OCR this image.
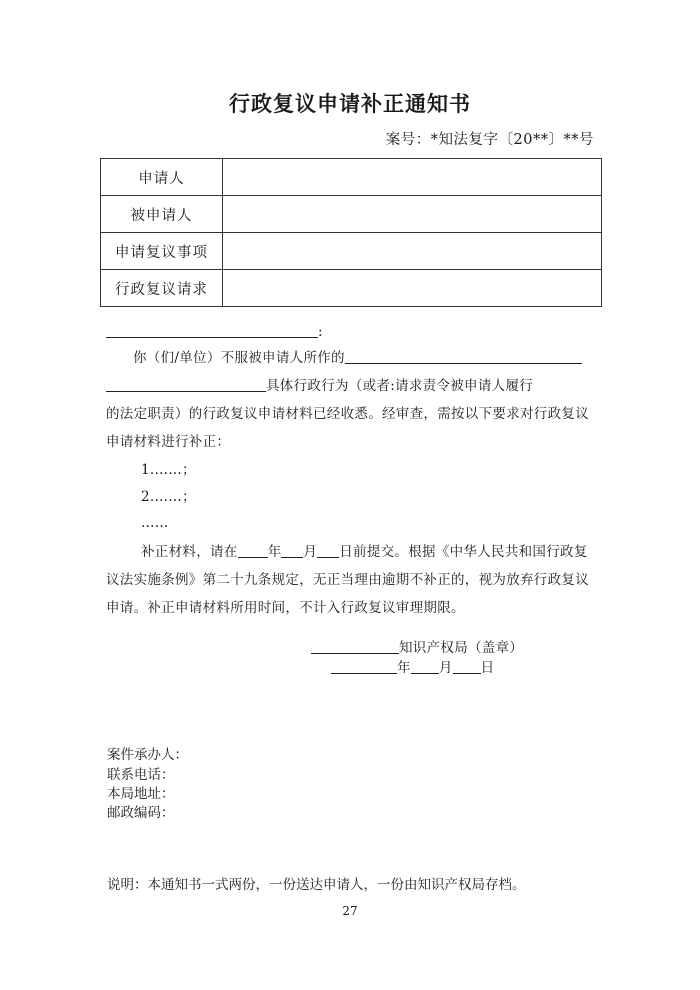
行政复议申请补正通知书
案号：*知法复字〔20**〕**号
申请人	
被申请人	
申请复议事项	
行政复议请求	
:
你（们/单位）不服被申请人所作的
具体行政行为（或者:请求责令被申请人履行
的法定职责）的行政复议申请材料已经收悉。经审查，需按以下要求对行政复议
申请材料进行补正：
1.……；
2.……；
……
补正材料，请在 年 月 日前提交。根据《中华人民共和国行政复
议法实施条例》第二十九条规定，无正当理由逾期不补正的，视为放弃行政复议
申请。补正申请材料所用时间，不计入行政复议审理期限。
知识产权局（盖章）
年 月 日
案件承办人：
联系电话：
本局地址：
邮政编码：
说明：本通知书一式两份，一份送达申请人，一份由知识产权局存档。
27
